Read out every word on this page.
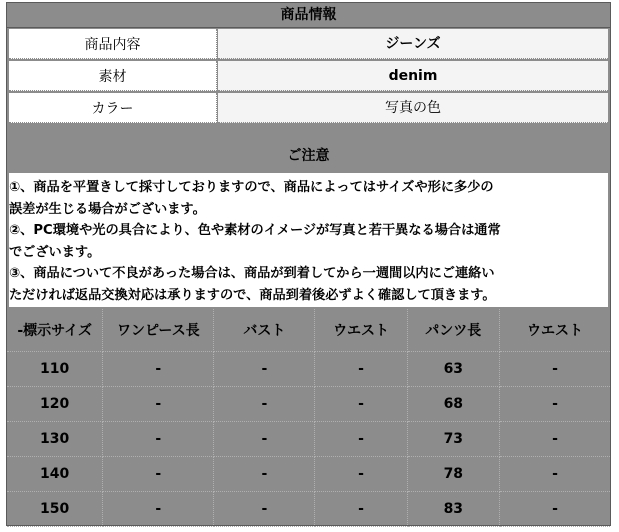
商品情報
商品内容	ジーンズ
素材	denim
カラー	写真の色
ご注意
①、商品を平置きして採寸しておりますので、商品によってはサイズや形に多少の
誤差が生じる場合がございます。
②、PC環境や光の具合により、色や素材のイメージが写真と若干異なる場合は通常
でございます。
③、商品について不良があった場合は、商品が到着してから一週間以内にご連絡い
ただければ返品交換対応は承りますので、商品到着後必ずよく確認して頂きます。
-標示サイズ	ワンピース長	バスト	ウエスト	パンツ長	ウエスト
110	-	-	-	63	-
120	-	-	-	68	-
130	-	-	-	73	-
140	-	-	-	78	-
150	-	-	-	83	-
